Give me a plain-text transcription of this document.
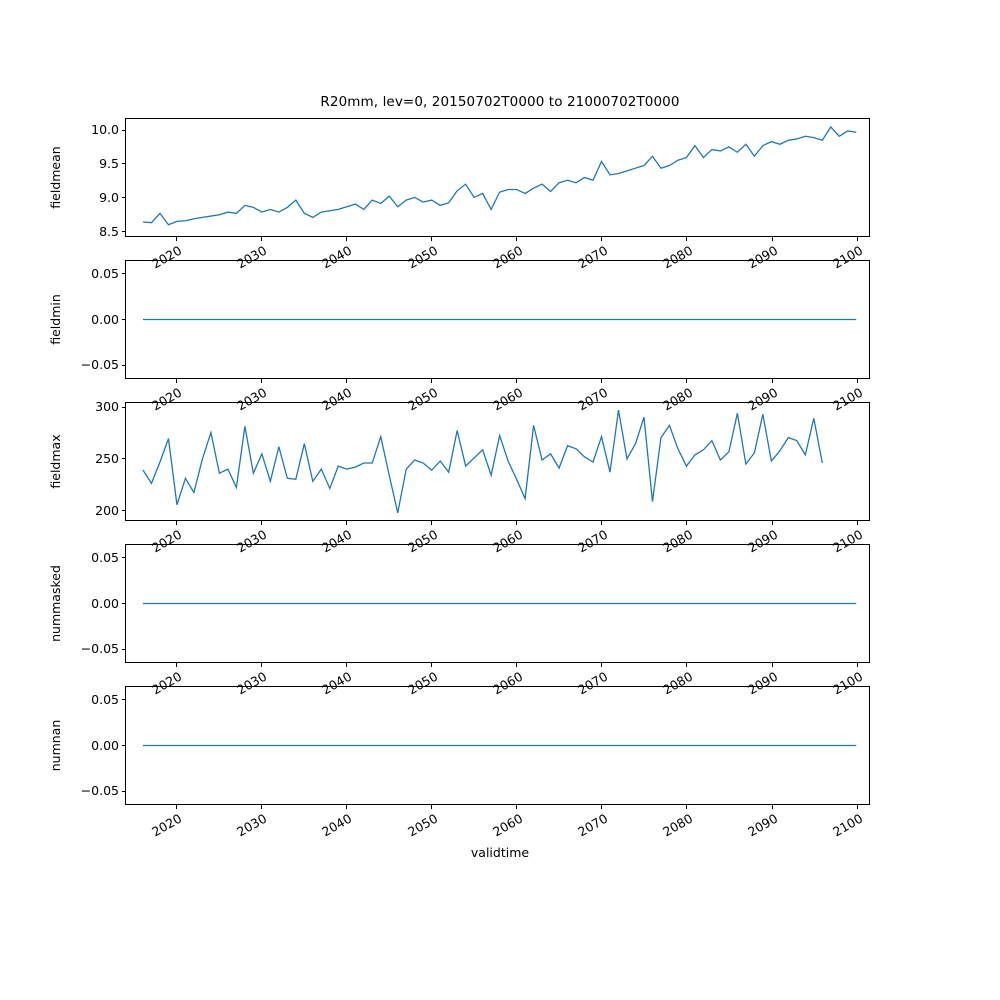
R20mm, lev=0, 20150702T0000 to 21000702T0000
validtime
8.5
9.0
9.5
10.0
2020	2030	2040	2050	2060	2070	2080	2090	2100
fieldmean
−0.05
0.00
0.05
2020	2030	2040	2050	2060	2070	2080	2090	2100
fieldmin
200
250
300
2020	2030	2040	2050	2060	2070	2080	2090	2100
fieldmax
−0.05
0.00
0.05
2020	2030	2040	2050	2060	2070	2080	2090	2100
nummasked
−0.05
0.00
0.05
2020	2030	2040	2050	2060	2070	2080	2090	2100
numnan
